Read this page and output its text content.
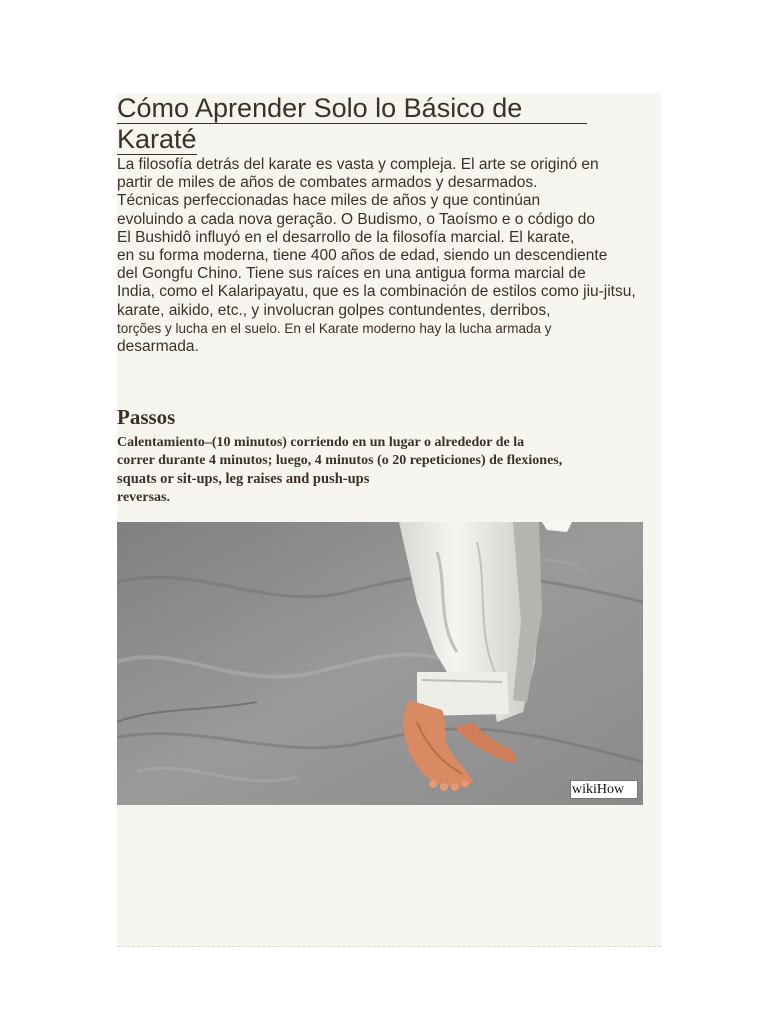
Cómo Aprender Solo lo Básico de
Karaté
La filosofía detrás del karate es vasta y compleja. El arte se originó en
partir de miles de años de combates armados y desarmados.
Técnicas perfeccionadas hace miles de años y que continúan
evoluindo a cada nova geração. O Budismo, o Taoísmo e o código do
El Bushidô influyó en el desarrollo de la filosofía marcial. El karate,
en su forma moderna, tiene 400 años de edad, siendo un descendiente
del Gongfu Chino. Tiene sus raíces en una antigua forma marcial de
India, como el Kalaripayatu, que es la combinación de estilos como jiu-jitsu,
karate, aikido, etc., y involucran golpes contundentes, derribos,
torções y lucha en el suelo. En el Karate moderno hay la lucha armada y
desarmada.
Passos
Calentamiento–(10 minutos) corriendo en un lugar o alrededor de la
correr durante 4 minutos; luego, 4 minutos (o 20 repeticiones) de flexiones,
squats or sit-ups, leg raises and push-ups
reversas.
wikiHow
